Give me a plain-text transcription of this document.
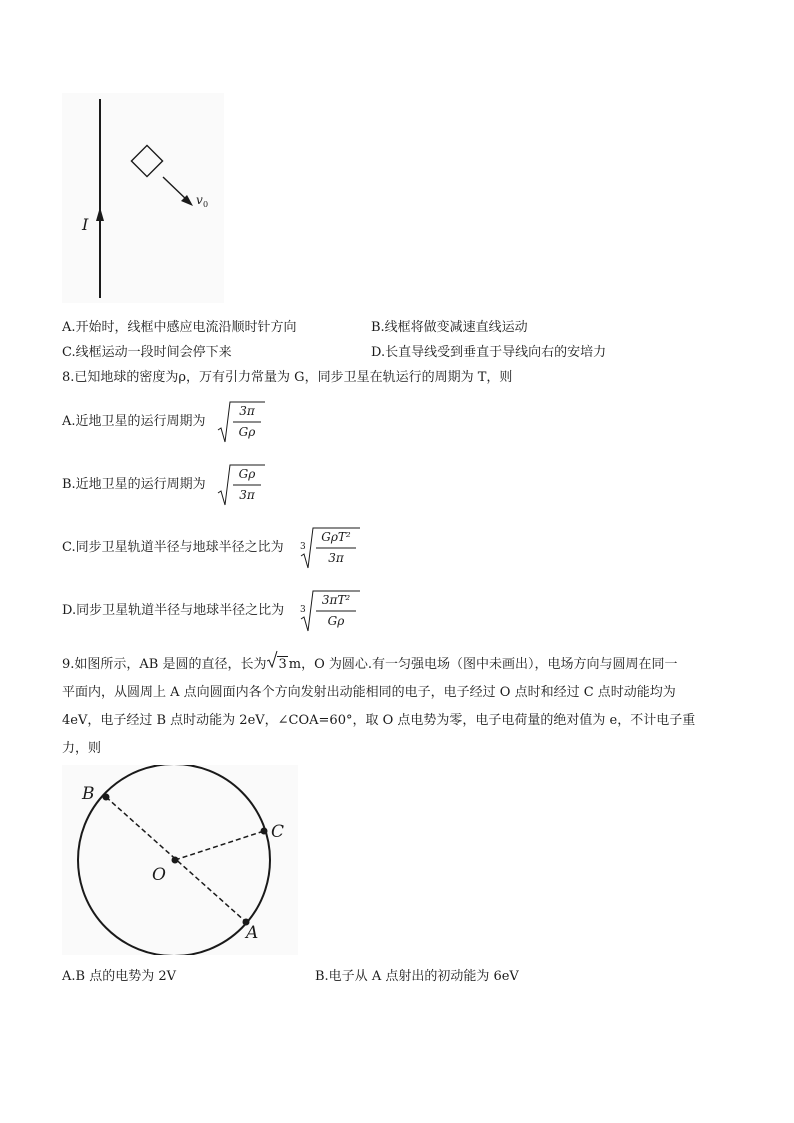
I
v 0
A.开始时，线框中感应电流沿顺时针方向	B.线框将做变减速直线运动
C.线框运动一段时间会停下来	D.长直导线受到垂直于导线向右的安培力
8.已知地球的密度为ρ，万有引力常量为 G，同步卫星在轨运行的周期为 T，则
A.近地卫星的运行周期为
3π
Gρ
B.近地卫星的运行周期为
Gρ
3π
C.同步卫星轨道半径与地球半径之比为 3
GρT²
3π
D.同步卫星轨道半径与地球半径之比为 3
3πT²
Gρ
9.如图所示，AB 是圆的直径，长为 3 m，O 为圆心.有一匀强电场（图中未画出），电场方向与圆周在同一
平面内，从圆周上 A 点向圆面内各个方向发射出动能相同的电子，电子经过 O 点时和经过 C 点时动能均为
4eV，电子经过 B 点时动能为 2eV，∠COA=60°，取 O 点电势为零，电子电荷量的绝对值为 e，不计电子重
力，则
B
C
O
A
A.B 点的电势为 2V	B.电子从 A 点射出的初动能为 6eV
